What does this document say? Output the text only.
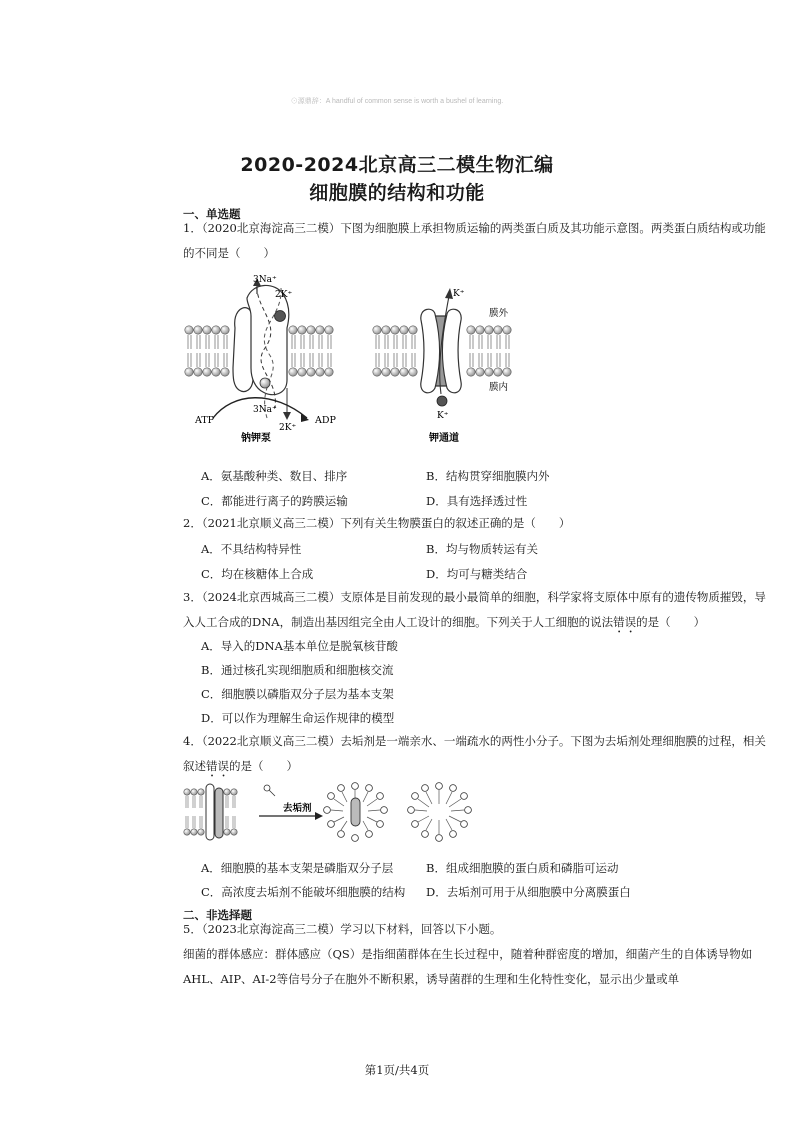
⊙源鼎辞：A handful of common sense is worth a bushel of learning.
2020-2024北京高三二模生物汇编
细胞膜的结构和功能
一、单选题
1．（2020北京海淀高三二模）下图为细胞膜上承担物质运输的两类蛋白质及其功能示意图。两类蛋白质结构或功能的不同是（　　）
3Na⁺
2K⁺
3Na⁺
2K⁺
ATP	ADP
钠钾泵
K⁺
K⁺
膜外
膜内
钾通道
A．氨基酸种类、数目、排序	B．结构贯穿细胞膜内外
C．都能进行离子的跨膜运输	D．具有选择透过性
2．（2021北京顺义高三二模）下列有关生物膜蛋白的叙述正确的是（　　）
A．不具结构特异性	B．均与物质转运有关
C．均在核糖体上合成	D．均可与糖类结合
3．（2024北京西城高三二模）支原体是目前发现的最小最简单的细胞，科学家将支原体中原有的遗传物质摧毁，导入人工合成的DNA，制造出基因组完全由人工设计的细胞。下列关于人工细胞的说法错误的是（　　）
A．导入的DNA基本单位是脱氧核苷酸
B．通过核孔实现细胞质和细胞核交流
C．细胞膜以磷脂双分子层为基本支架
D．可以作为理解生命运作规律的模型
4．（2022北京顺义高三二模）去垢剂是一端亲水、一端疏水的两性小分子。下图为去垢剂处理细胞膜的过程，相关叙述错误的是（　　）
去垢剂
A．细胞膜的基本支架是磷脂双分子层	B．组成细胞膜的蛋白质和磷脂可运动
C．高浓度去垢剂不能破坏细胞膜的结构 D．去垢剂可用于从细胞膜中分离膜蛋白
二、非选择题
5．（2023北京海淀高三二模）学习以下材料，回答以下小题。
细菌的群体感应：群体感应（QS）是指细菌群体在生长过程中，随着种群密度的增加，细菌产生的自体诱导物如AHL、AIP、AI-2等信号分子在胞外不断积累，诱导菌群的生理和生化特性变化，显示出少量或单
第1页/共4页
